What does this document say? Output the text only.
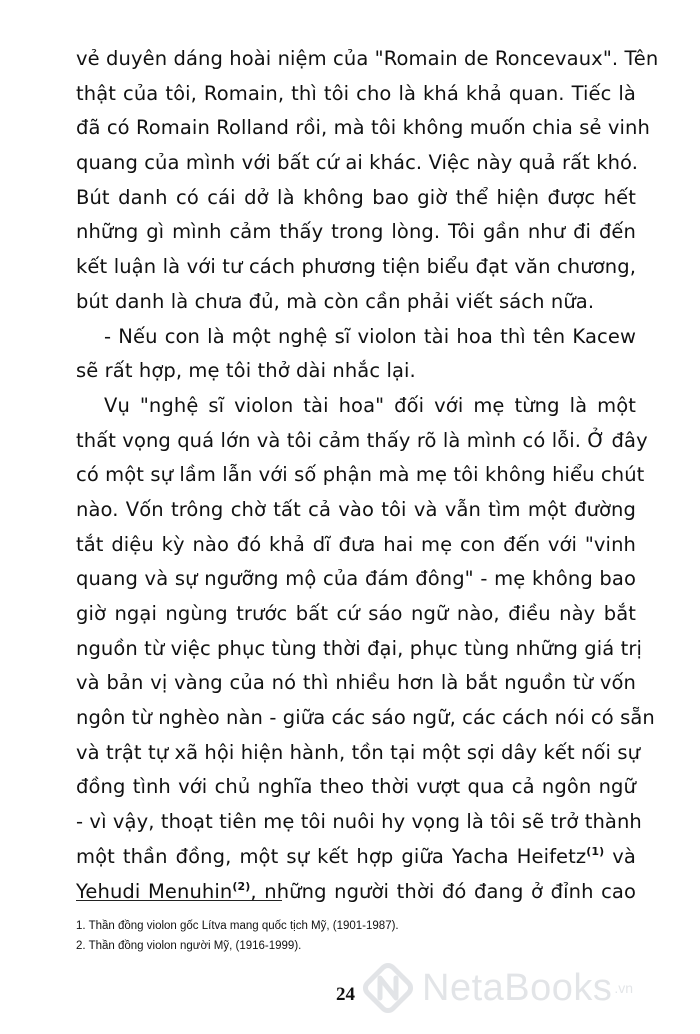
vẻ duyên dáng hoài niệm của "Romain de Roncevaux". Tên
thật của tôi, Romain, thì tôi cho là khá khả quan. Tiếc là
đã có Romain Rolland rồi, mà tôi không muốn chia sẻ vinh
quang của mình với bất cứ ai khác. Việc này quả rất khó.
Bút danh có cái dở là không bao giờ thể hiện được hết
những gì mình cảm thấy trong lòng. Tôi gần như đi đến
kết luận là với tư cách phương tiện biểu đạt văn chương,
bút danh là chưa đủ, mà còn cần phải viết sách nữa.
- Nếu con là một nghệ sĩ violon tài hoa thì tên Kacew
sẽ rất hợp, mẹ tôi thở dài nhắc lại.
Vụ "nghệ sĩ violon tài hoa" đối với mẹ từng là một
thất vọng quá lớn và tôi cảm thấy rõ là mình có lỗi. Ở đây
có một sự lầm lẫn với số phận mà mẹ tôi không hiểu chút
nào. Vốn trông chờ tất cả vào tôi và vẫn tìm một đường
tắt diệu kỳ nào đó khả dĩ đưa hai mẹ con đến với "vinh
quang và sự ngưỡng mộ của đám đông" - mẹ không bao
giờ ngại ngùng trước bất cứ sáo ngữ nào, điều này bắt
nguồn từ việc phục tùng thời đại, phục tùng những giá trị
và bản vị vàng của nó thì nhiều hơn là bắt nguồn từ vốn
ngôn từ nghèo nàn - giữa các sáo ngữ, các cách nói có sẵn
và trật tự xã hội hiện hành, tồn tại một sợi dây kết nối sự
đồng tình với chủ nghĩa theo thời vượt qua cả ngôn ngữ
- vì vậy, thoạt tiên mẹ tôi nuôi hy vọng là tôi sẽ trở thành
một thần đồng, một sự kết hợp giữa Yacha Heifetz$^{(1)}$ và
Yehudi Menuhin$^{(2)}$, những người thời đó đang ở đỉnh cao
1. Thần đồng violon gốc Lítva mang quốc tịch Mỹ, (1901-1987).
2. Thần đồng violon người Mỹ, (1916-1999).
24 NetaBooks .vn
